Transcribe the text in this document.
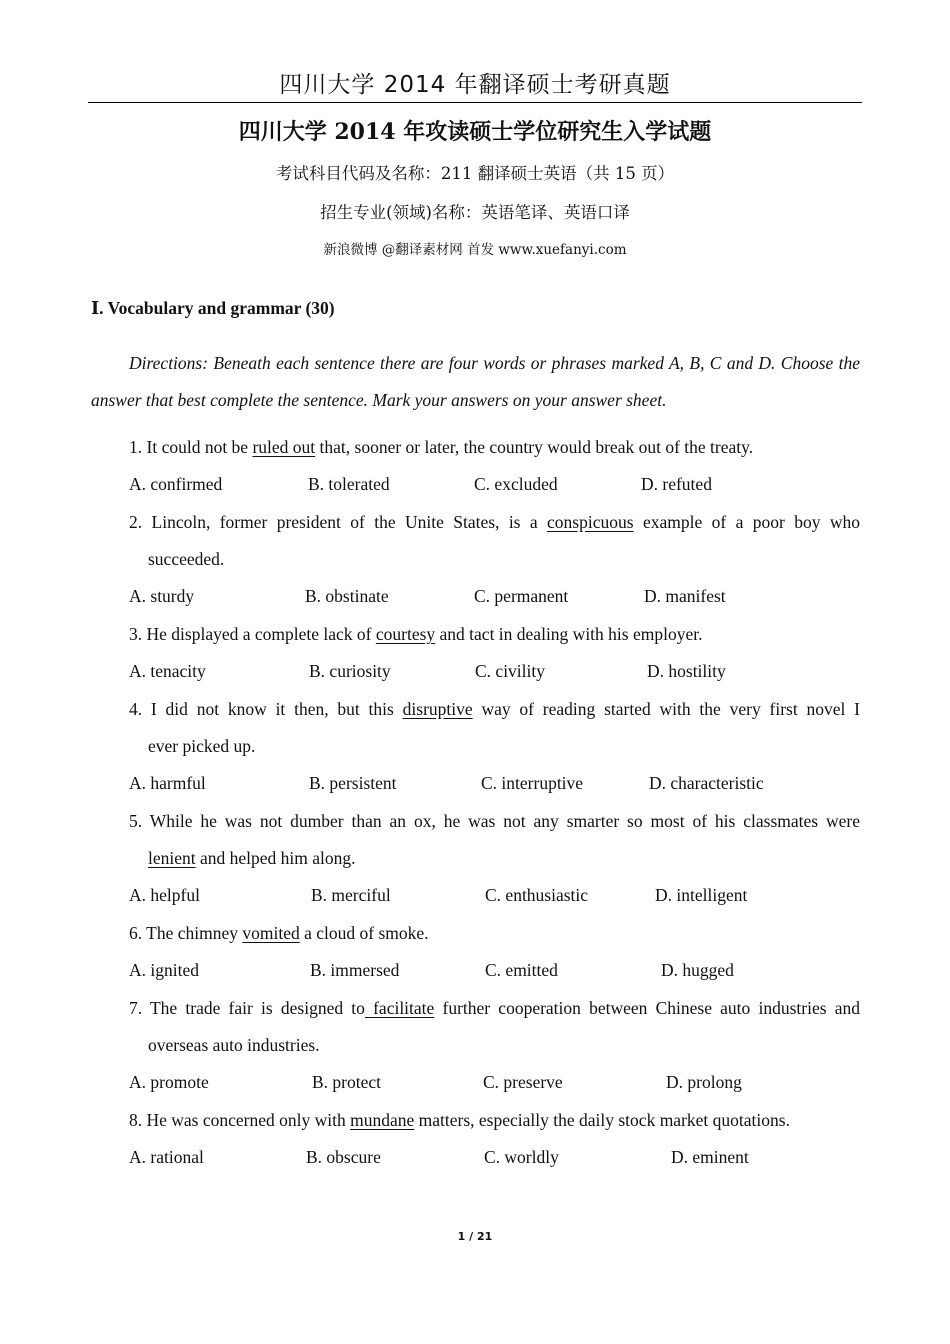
四川大学 2014 年翻译硕士考研真题
四川大学 2014 年攻读硕士学位研究生入学试题
考试科目代码及名称：211 翻译硕士英语（共 15 页）
招生专业(领域)名称：英语笔译、英语口译
新浪微博 @翻译素材网 首发 www.xuefanyi.com
Ⅰ. Vocabulary and grammar (30)
Directions: Beneath each sentence there are four words or phrases marked A, B, C and D. Choose the answer that best complete the sentence. Mark your answers on your answer sheet.
1. It could not be ruled out that, sooner or later, the country would break out of the treaty.
A. confirmed	B. tolerated	C. excluded	D. refuted
2. Lincoln, former president of the Unite States, is a conspicuous example of a poor boy who
succeeded.
A. sturdy	B. obstinate	C. permanent	D. manifest
3. He displayed a complete lack of courtesy and tact in dealing with his employer.
A. tenacity	B. curiosity	C. civility	D. hostility
4. I did not know it then, but this disruptive way of reading started with the very first novel I
ever picked up.
A. harmful	B. persistent	C. interruptive	D. characteristic
5. While he was not dumber than an ox, he was not any smarter so most of his classmates were
lenient and helped him along.
A. helpful	B. merciful	C. enthusiastic	D. intelligent
6. The chimney vomited a cloud of smoke.
A. ignited	B. immersed	C. emitted	D. hugged
7. The trade fair is designed to facilitate further cooperation between Chinese auto industries and
overseas auto industries.
A. promote	B. protect	C. preserve	D. prolong
8. He was concerned only with mundane matters, especially the daily stock market quotations.
A. rational	B. obscure	C. worldly	D. eminent
1 / 21
